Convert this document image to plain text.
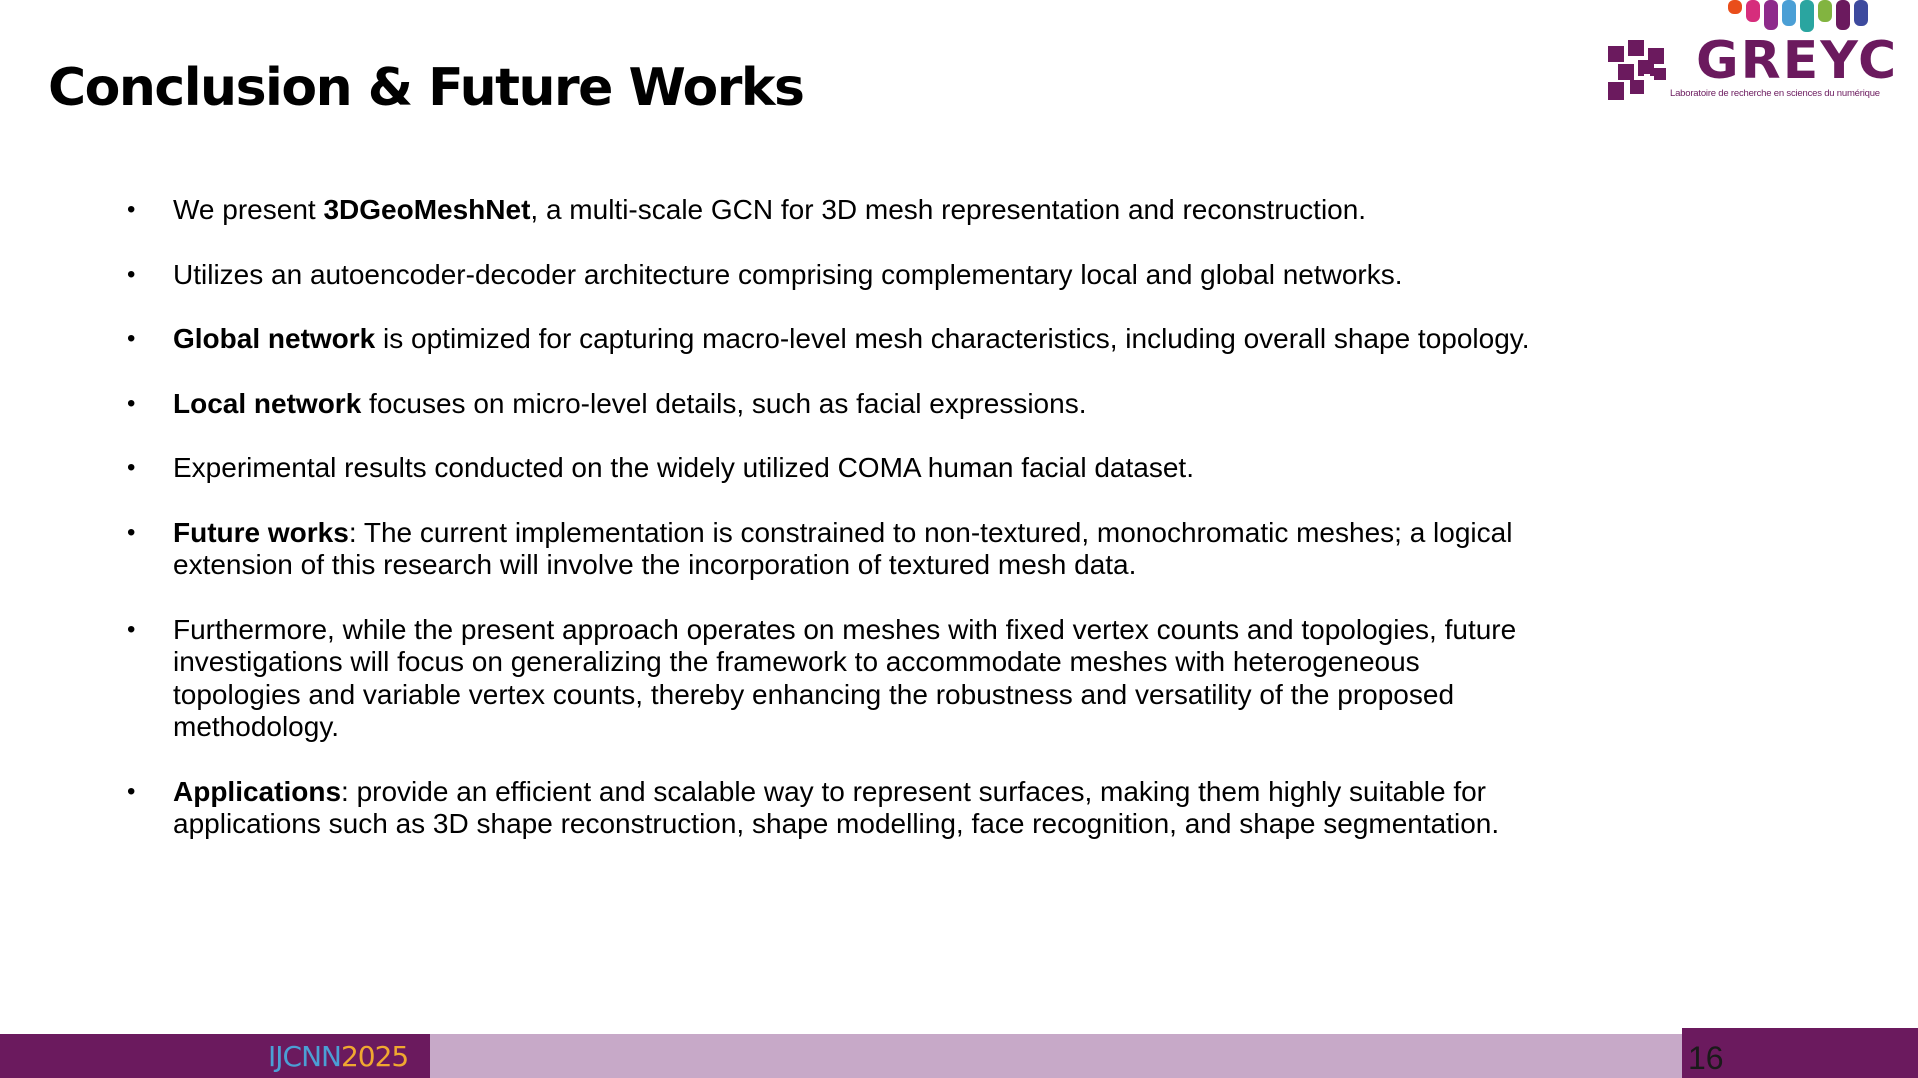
Conclusion & Future Works	GREYC
Laboratoire de recherche en sciences du numérique
• We present 3DGeoMeshNet, a multi-scale GCN for 3D mesh representation and reconstruction.
• Utilizes an autoencoder-decoder architecture comprising complementary local and global networks.
• Global network is optimized for capturing macro-level mesh characteristics, including overall shape topology.
• Local network focuses on micro-level details, such as facial expressions.
• Experimental results conducted on the widely utilized COMA human facial dataset.
• Future works: The current implementation is constrained to non-textured, monochromatic meshes; a logical
extension of this research will involve the incorporation of textured mesh data.
• Furthermore, while the present approach operates on meshes with fixed vertex counts and topologies, future
investigations will focus on generalizing the framework to accommodate meshes with heterogeneous
topologies and variable vertex counts, thereby enhancing the robustness and versatility of the proposed
methodology.
• Applications: provide an efficient and scalable way to represent surfaces, making them highly suitable for
applications such as 3D shape reconstruction, shape modelling, face recognition, and shape segmentation.
IJCNN2025	16
